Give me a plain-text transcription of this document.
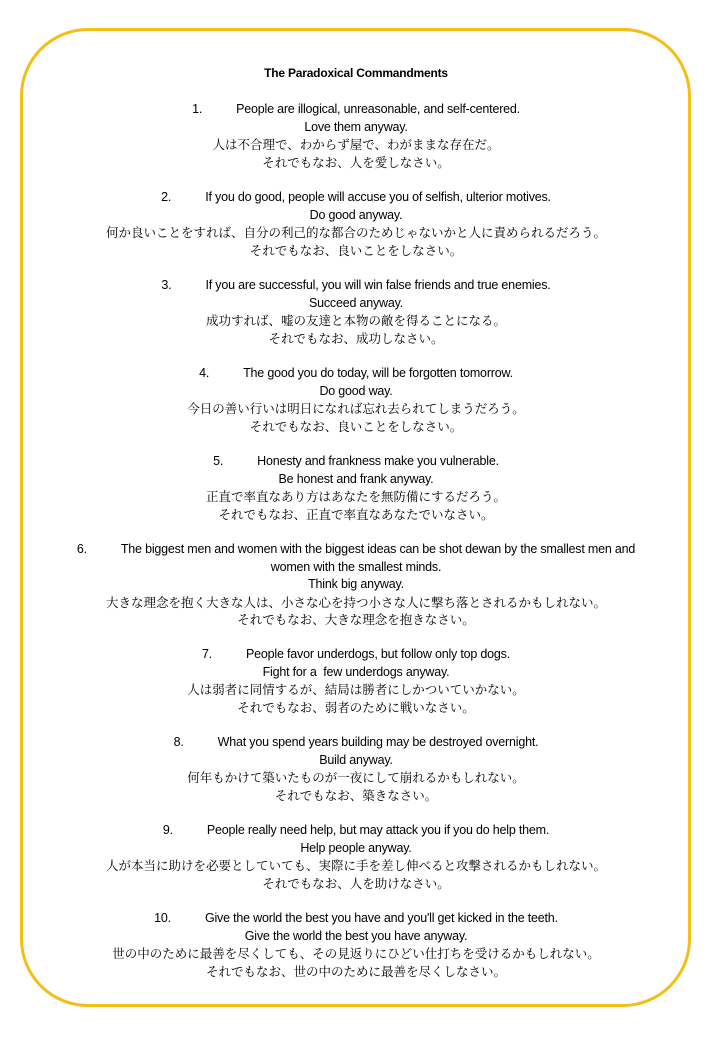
The Paradoxical Commandments
1.	People are illogical, unreasonable, and self-centered.
Love them anyway.
人は不合理で、わからず屋で、わがままな存在だ。
それでもなお、人を愛しなさい。
2.	If you do good, people will accuse you of selfish, ulterior motives.
Do good anyway.
何か良いことをすれば、自分の利己的な都合のためじゃないかと人に責められるだろう。
それでもなお、良いことをしなさい。
3.	If you are successful, you will win false friends and true enemies.
Succeed anyway.
成功すれば、嘘の友達と本物の敵を得ることになる。
それでもなお、成功しなさい。
4.	The good you do today, will be forgotten tomorrow.
Do good way.
今日の善い行いは明日になれば忘れ去られてしまうだろう。
それでもなお、良いことをしなさい。
5.	Honesty and frankness make you vulnerable.
Be honest and frank anyway.
正直で率直なあり方はあなたを無防備にするだろう。
それでもなお、正直で率直なあなたでいなさい。
6.	The biggest men and women with the biggest ideas can be shot dewan by the smallest men and women with the smallest minds.
Think big anyway.
大きな理念を抱く大きな人は、小さな心を持つ小さな人に撃ち落とされるかもしれない。
それでもなお、大きな理念を抱きなさい。
7.	People favor underdogs, but follow only top dogs.
Fight for a  few underdogs anyway.
人は弱者に同情するが、結局は勝者にしかついていかない。
それでもなお、弱者のために戦いなさい。
8.	What you spend years building may be destroyed overnight.
Build anyway.
何年もかけて築いたものが一夜にして崩れるかもしれない。
それでもなお、築きなさい。
9.	People really need help, but may attack you if you do help them.
Help people anyway.
人が本当に助けを必要としていても、実際に手を差し伸べると攻撃されるかもしれない。
それでもなお、人を助けなさい。
10.	Give the world the best you have and you'll get kicked in the teeth.
Give the world the best you have anyway.
世の中のために最善を尽くしても、その見返りにひどい仕打ちを受けるかもしれない。
それでもなお、世の中のために最善を尽くしなさい。
